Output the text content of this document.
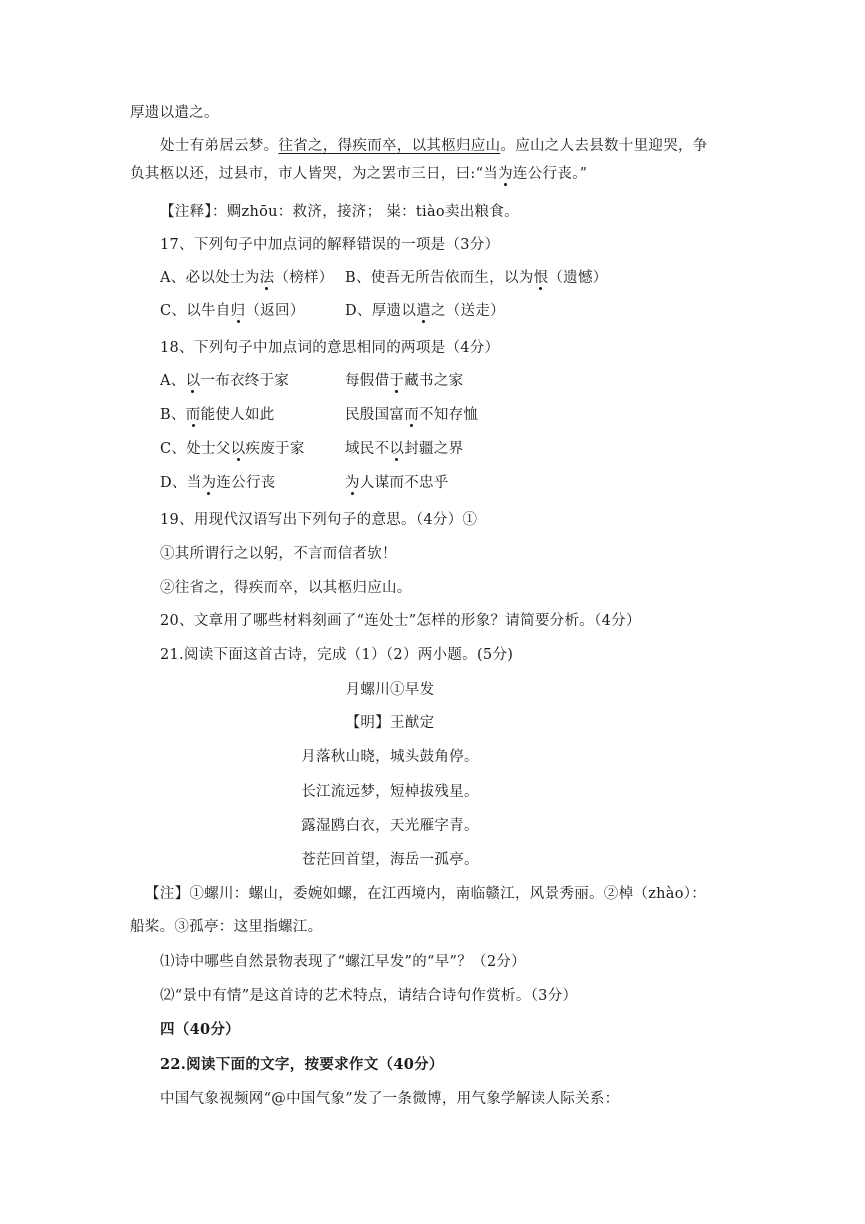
厚遗以遣之。
处士有弟居云梦。往省之，得疾而卒，以其柩归应山。应山之人去县数十里迎哭，争
负其柩以还，过县市，市人皆哭，为之罢市三日，曰:“当为连公行丧。”
【注释】：赒zhōu：救济，接济； 粜：tiào卖出粮食。
17、下列句子中加点词的解释错误的一项是（3分）
A、必以处士为法（榜样） B、使吾无所告依而生，以为恨（遗憾）
C、以牛自归（返回）	D、厚遗以遣之（送走）
18、下列句子中加点词的意思相同的两项是（4分）
A、以一布衣终于家	每假借于藏书之家
B、而能使人如此	民殷国富而不知存恤
C、处士父以疾废于家	域民不以封疆之界
D、当为连公行丧	为人谋而不忠乎
19、用现代汉语写出下列句子的意思。（4分）①
①其所谓行之以躬，不言而信者欤！
②往省之，得疾而卒，以其柩归应山。
20、文章用了哪些材料刻画了“连处士”怎样的形象？请简要分析。（4分）
21.阅读下面这首古诗，完成（1）（2）两小题。(5分)
月螺川①早发
【明】王猷定
月落秋山晓，城头鼓角停。
长江流远梦，短棹拔残星。
露湿鸥白衣，天光雁字青。
苍茫回首望，海岳一孤亭。
【注】①螺川：螺山，委婉如螺，在江西境内，南临赣江，风景秀丽。②棹（zhào）：
船桨。③孤亭：这里指螺江。
⑴诗中哪些自然景物表现了“螺江早发”的“早”？（2分）
⑵“景中有情”是这首诗的艺术特点，请结合诗句作赏析。（3分）
四（40分）
22.阅读下面的文字，按要求作文（40分）
中国气象视频网“@中国气象”发了一条微博，用气象学解读人际关系：
